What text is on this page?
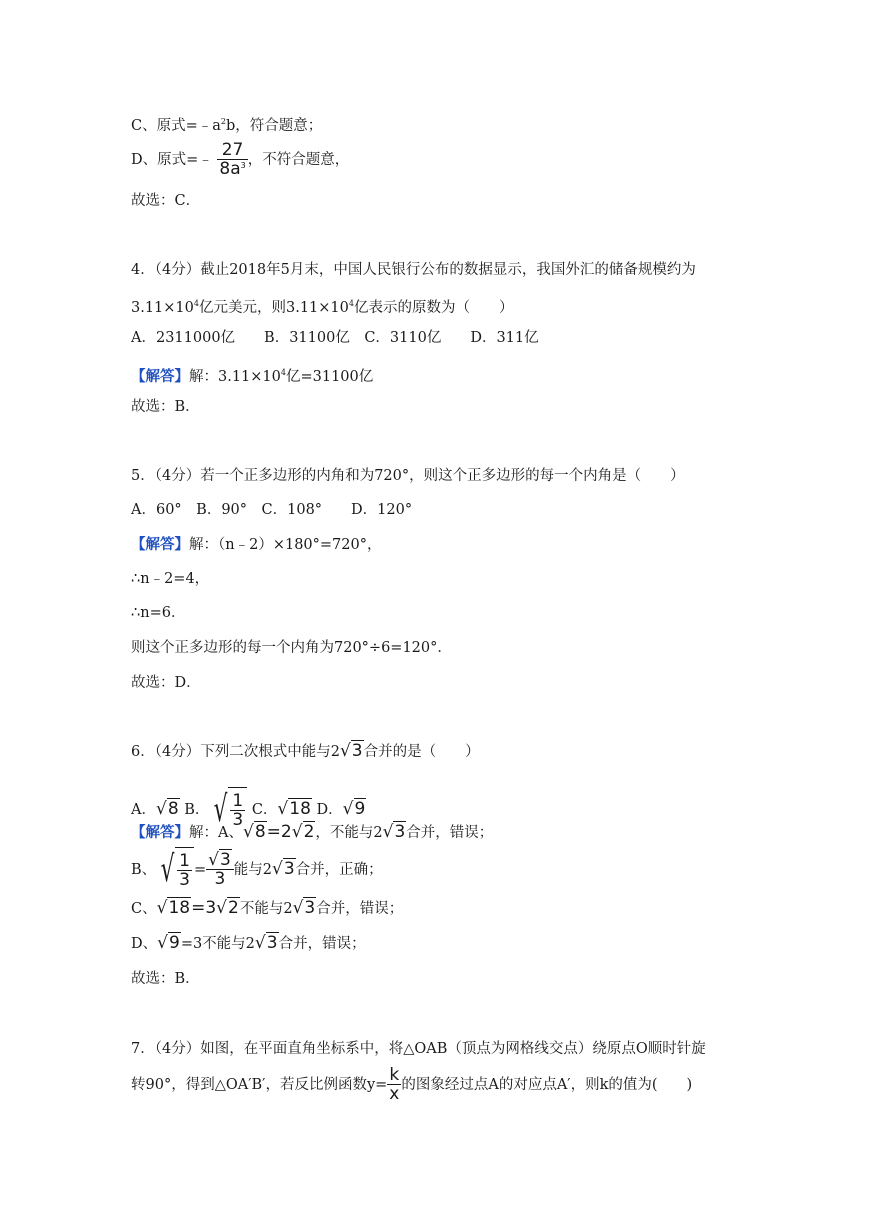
C、原式$=﹣a^2b$，符合题意；
D、原式=﹣ $\frac{27}{8a^3}$ ，不符合题意，
故选：C．
4．（4分）截止2018年5月末，中国人民银行公布的数据显示，我国外汇的储备规模约为
$3.11\times 10^4$亿元美元，则$3.11\times 10^4$亿表示的原数为（　　）
A．2311000亿　　B．31100亿　C．3110亿　　D．311亿
【解答】解：$3.11\times 10^4$亿=31100亿
故选：B．
5．（4分）若一个正多边形的内角和为720°，则这个正多边形的每一个内角是（　　）
A．60°　B．90°　C．108°　　D．120°
【解答】解：（n﹣2）×180°=720°，
∴n﹣2=4，
∴n=6．
则这个正多边形的每一个内角为720°÷6=120°．
故选：D．
6．（4分）下列二次根式中能与2√3合并的是（　　）
A．√8 B． √ $\frac{1}{3}$ C．√18 D．√9
【解答】解：A、√8=2√2，不能与2√3合并，错误；
B、 √ $\frac{1}{3} = \frac{√3}{3}$ 能与2√3合并，正确；
C、√18=3√2不能与2√3合并，错误；
D、√9=3不能与2√3合并，错误；
故选：B．
7．（4分）如图，在平面直角坐标系中，将△OAB（顶点为网格线交点）绕原点O顺时针旋
转90°，得到△OA′B′，若反比例函数$y= \frac{k}{x}$ 的图象经过点A的对应点A′，则k的值为(　　)
